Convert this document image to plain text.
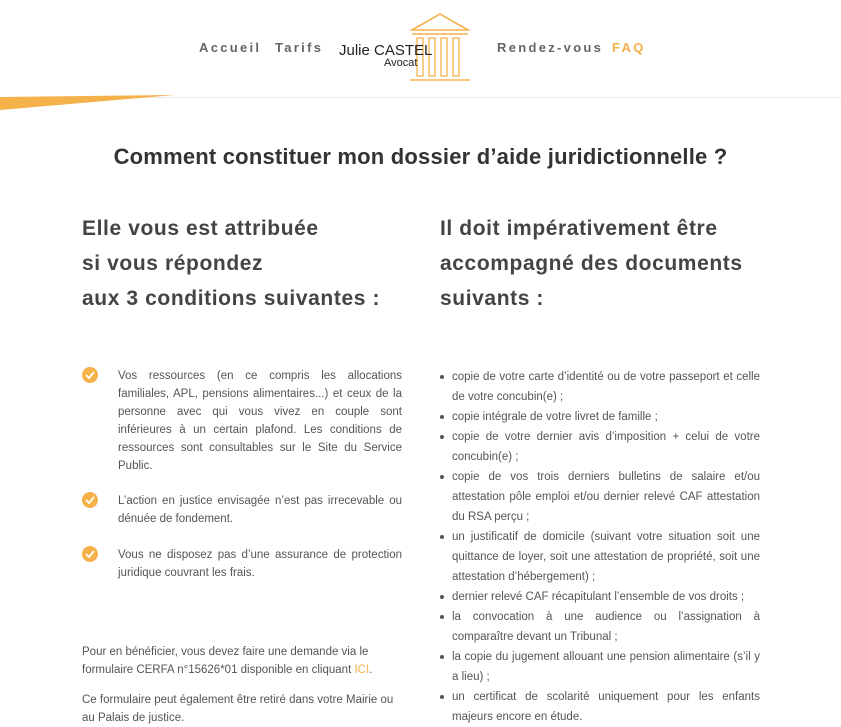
Accueil Tarifs Julie CASTEL
Avocat
Rendez-vous FAQ
Comment constituer mon dossier d’aide juridictionnelle ?
Elle vous est attribuée
si vous répondez
aux 3 conditions suivantes :
Il doit impérativement être
accompagné des documents
suivants :
Vos ressources (en ce compris les allocations familiales, APL, pensions alimentaires...) et ceux de la personne avec qui vous vivez en couple sont inférieures à un certain plafond. Les conditions de ressources sont consultables sur le Site du Service Public.
L’action en justice envisagée n’est pas irrecevable ou dénuée de fondement.
Vous ne disposez pas d’une assurance de protection juridique couvrant les frais.
Pour en bénéficier, vous devez faire une demande via le formulaire CERFA n°15626*01 disponible en cliquant ICI.
Ce formulaire peut également être retiré dans votre Mairie ou au Palais de justice.
copie de votre carte d’identité ou de votre passeport et celle de votre concubin(e) ;
copie intégrale de votre livret de famille ;
copie de votre dernier avis d’imposition + celui de votre concubin(e) ;
copie de vos trois derniers bulletins de salaire et/ou attestation pôle emploi et/ou dernier relevé CAF attestation du RSA perçu ;
un justificatif de domicile (suivant votre situation soit une quittance de loyer, soit une attestation de propriété, soit une attestation d’hébergement) ;
dernier relevé CAF récapitulant l’ensemble de vos droits ;
la convocation à une audience ou l’assignation à comparaître devant un Tribunal ;
la copie du jugement allouant une pension alimentaire (s’il y a lieu) ;
un certificat de scolarité uniquement pour les enfants majeurs encore en étude.
